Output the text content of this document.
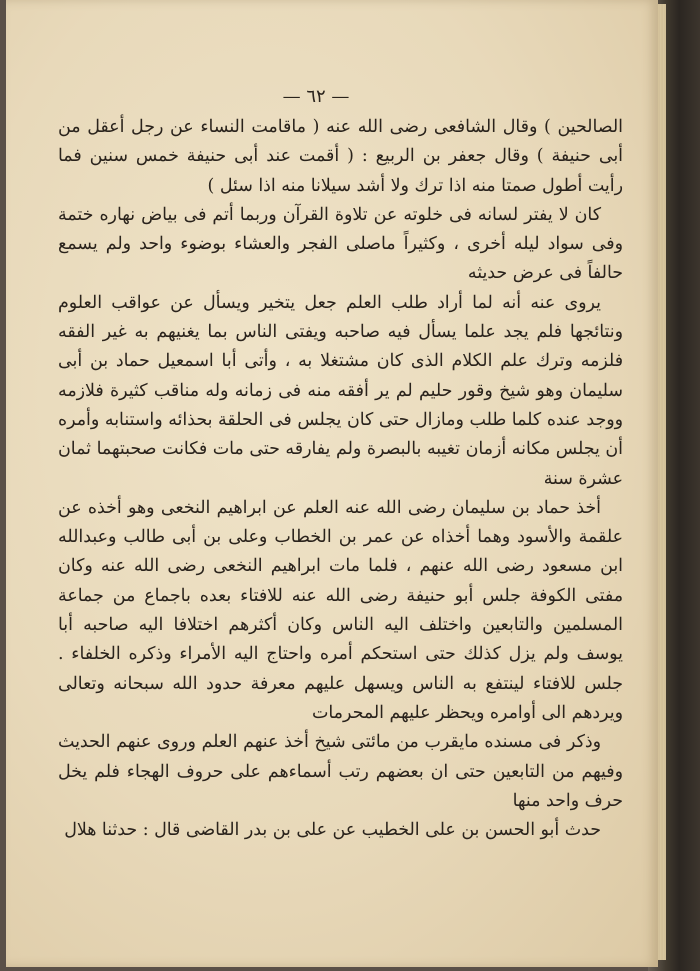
— ٦٢ —

الصالحين ) وقال الشافعى رضى الله عنه ( ماقامت النساء عن رجل أعقل من أبى حنيفة ) وقال جعفر بن الربيع : ( أقمت عند أبى حنيفة خمس سنين فما رأيت أطول صمتا منه اذا ترك ولا أشد سيلانا منه اذا سئل )

كان لا يفتر لسانه فى خلوته عن تلاوة القرآن وربما أتم فى بياض نهاره ختمة وفى سواد ليله أخرى ، وكثيراً ماصلى الفجر والعشاء بوضوء واحد ولم يسمع حالفاً فى عرض حديثه

يروى عنه أنه لما أراد طلب العلم جعل يتخير ويسأل عن عواقب العلوم ونتائجها فلم يجد علما يسأل فيه صاحبه ويفتى الناس بما يغنيهم به غير الفقه فلزمه وترك علم الكلام الذى كان مشتغلا به ، وأتى أبا اسمعيل حماد بن أبى سليمان وهو شيخ وقور حليم لم ير أفقه منه فى زمانه وله مناقب كثيرة فلازمه ووجد عنده كلما طلب ومازال حتى كان يجلس فى الحلقة بحذائه واستنابه وأمره أن يجلس مكانه أزمان تغيبه بالبصرة ولم يفارقه حتى مات فكانت صحبتهما ثمان عشرة سنة

أخذ حماد بن سليمان رضى الله عنه العلم عن ابراهيم النخعى وهو أخذه عن علقمة والأسود وهما أخذاه عن عمر بن الخطاب وعلى بن أبى طالب وعبدالله ابن مسعود رضى الله عنهم ، فلما مات ابراهيم النخعى رضى الله عنه وكان مفتى الكوفة جلس أبو حنيفة رضى الله عنه للافتاء بعده باجماع من جماعة المسلمين والتابعين واختلف اليه الناس وكان أكثرهم اختلافا اليه صاحبه أبا يوسف ولم يزل كذلك حتى استحكم أمره واحتاج اليه الأمراء وذكره الخلفاء . جلس للافتاء لينتفع به الناس ويسهل عليهم معرفة حدود الله سبحانه وتعالى ويردهم الى أوامره ويحظر عليهم المحرمات

وذكر فى مسنده مايقرب من مائتى شيخ أخذ عنهم العلم وروى عنهم الحديث وفيهم من التابعين حتى ان بعضهم رتب أسماءهم على حروف الهجاء فلم يخل حرف واحد منها

حدث أبو الحسن بن على الخطيب عن على بن بدر القاضى قال : حدثنا هلال
